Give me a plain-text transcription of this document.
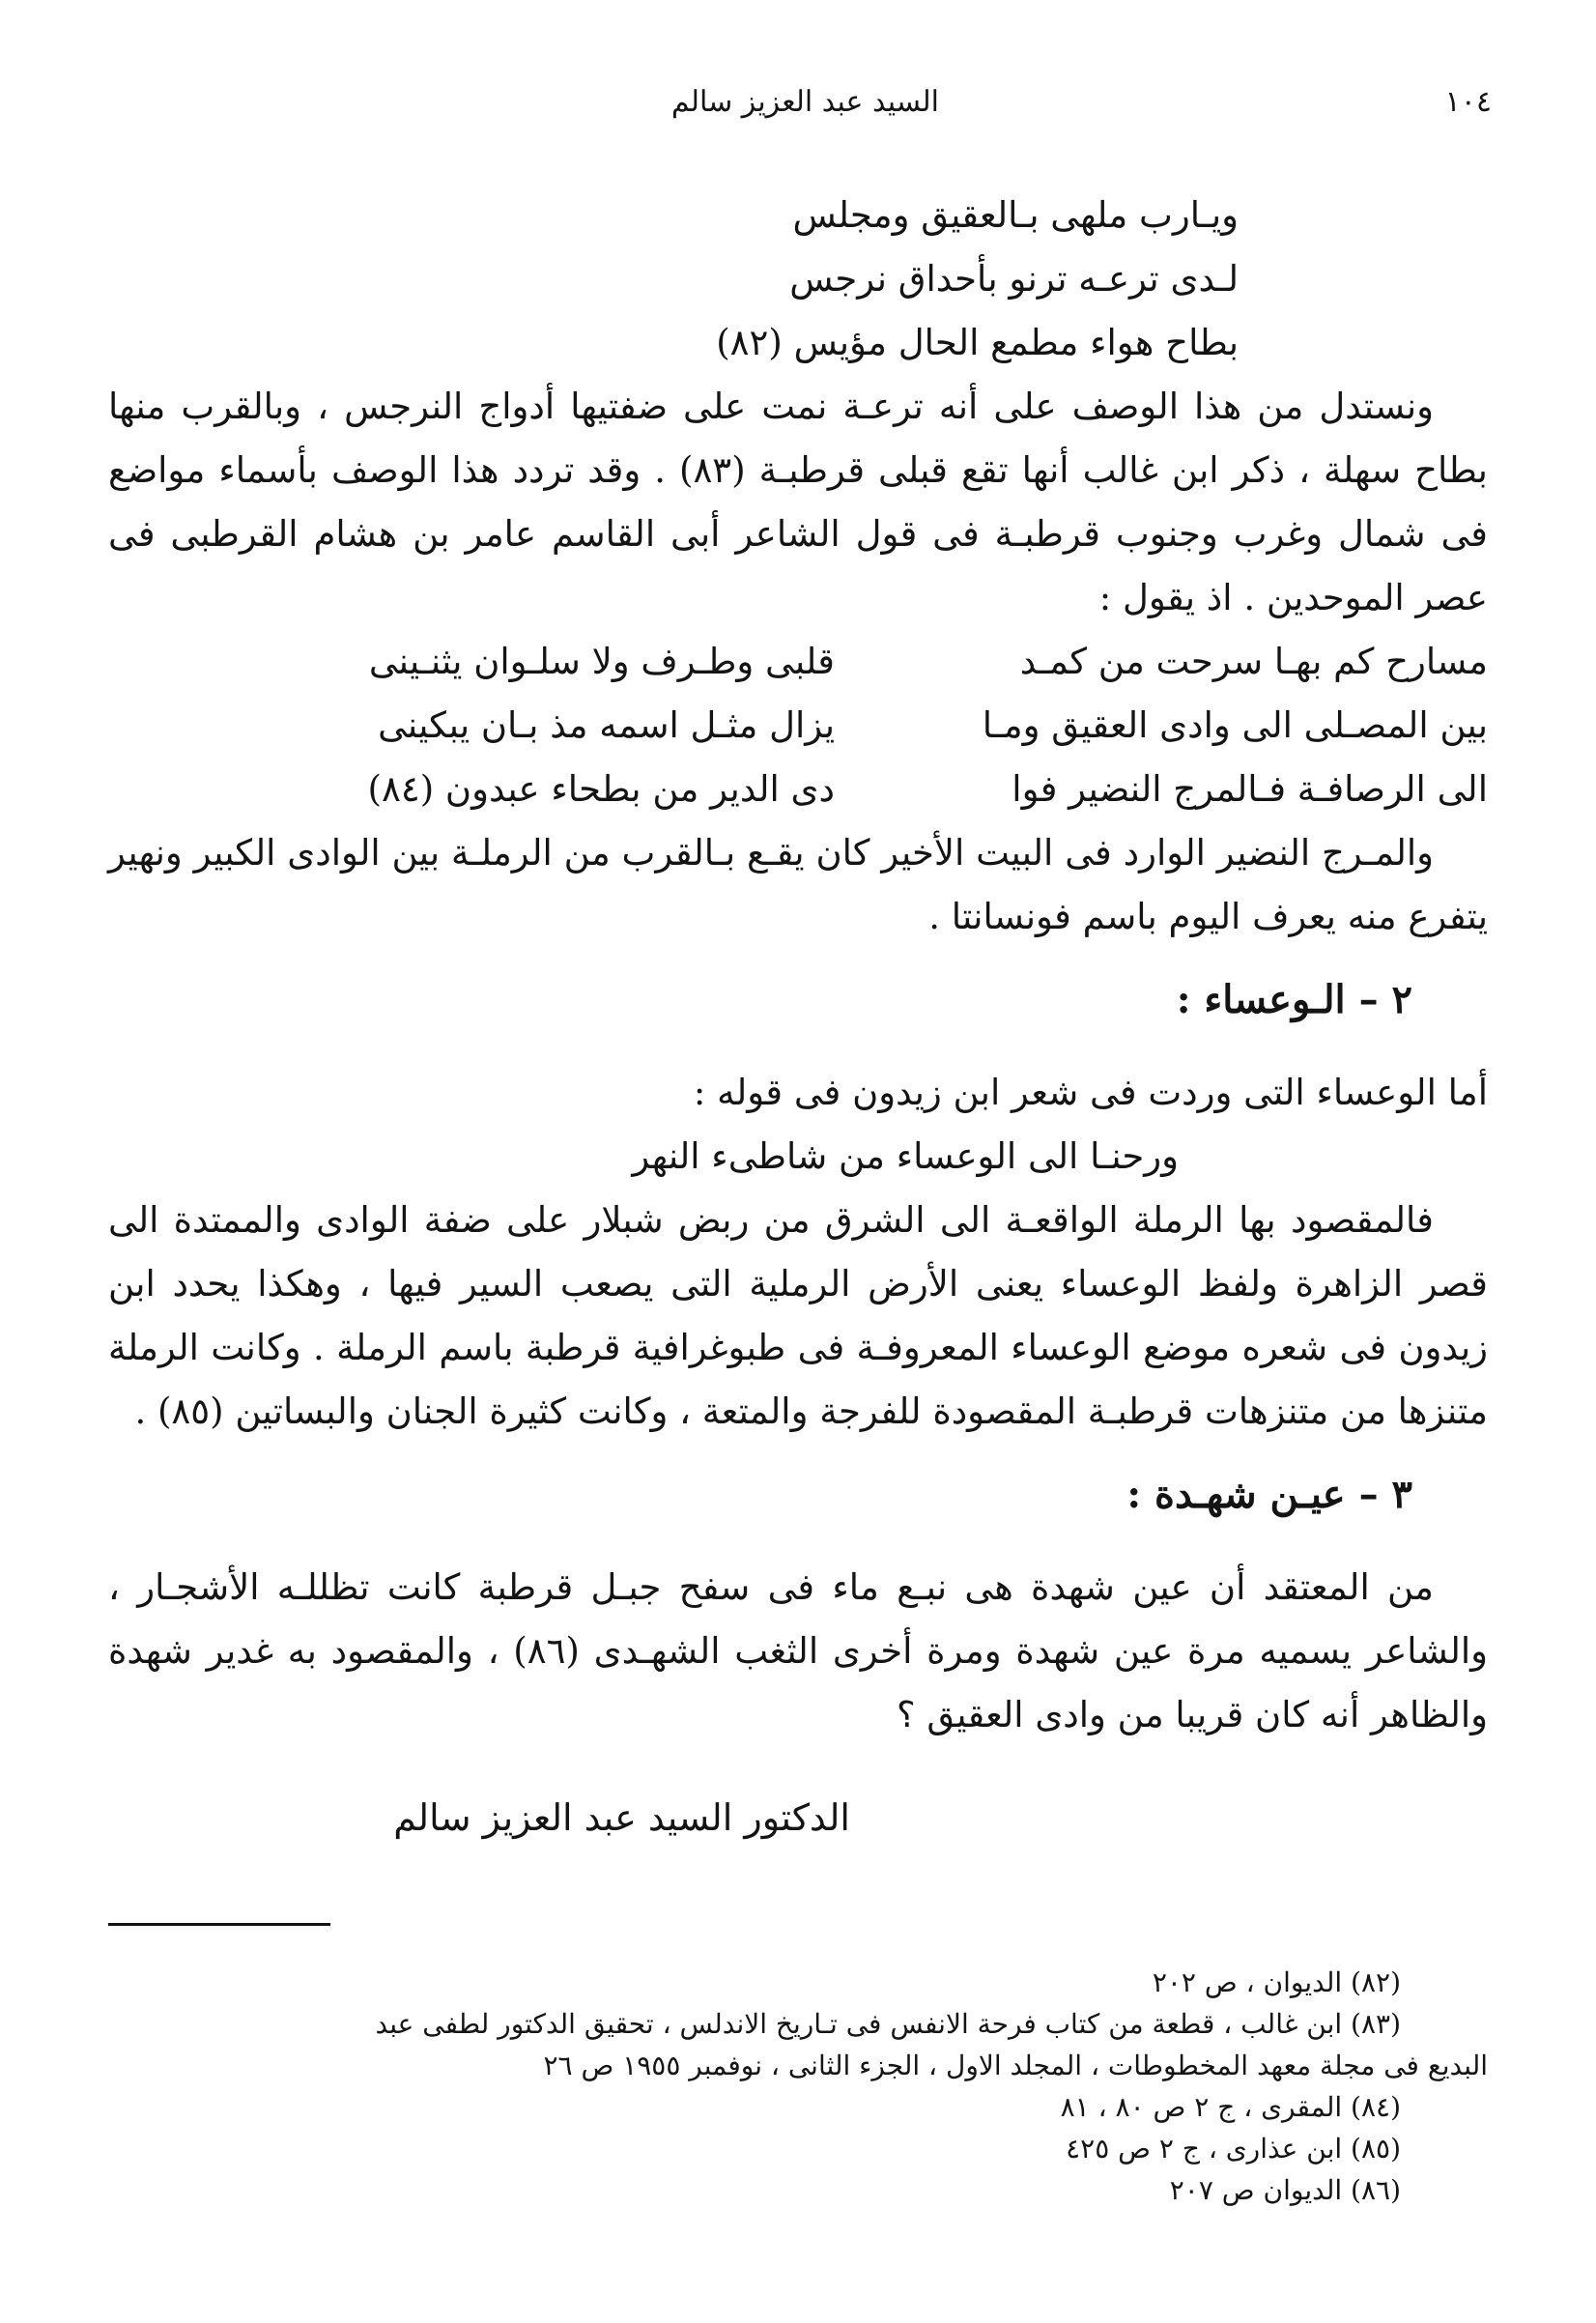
١٠٤
السيد عبد العزيز سالم

ويـارب ملهى بـالعقيق ومجلس

لـدى ترعـه ترنو بأحداق نرجس

بطاح هواء مطمع الحال مؤيس (٨٢)

ونستدل من هذا الوصف على أنه ترعـة نمت على ضفتيها أدواج النرجس ، وبالقرب منها بطاح سهلة ، ذكر ابن غالب أنها تقع قبلى قرطبـة (٨٣) . وقد تردد هذا الوصف بأسماء مواضع فى شمال وغرب وجنوب قرطبـة فى قول الشاعر أبى القاسم عامر بن هشام القرطبى فى عصر الموحدين . اذ يقول :

مسارح كم بهـا سرحت من كمـد
قلبى وطـرف ولا سلـوان يثنـينى
بين المصـلى الى وادى العقيق ومـا
يزال مثـل اسمه مذ بـان يبكينى
الى الرصافـة فـالمرج النضير فوا
دى الدير من بطحاء عبدون (٨٤)

والمـرج النضير الوارد فى البيت الأخير كان يقـع بـالقرب من الرملـة بين الوادى الكبير ونهير يتفرع منه يعرف اليوم باسم فونسانتا .

٢ – الـوعساء :

أما الوعساء التى وردت فى شعر ابن زيدون فى قوله :

ورحنـا الى الوعساء من شاطىء النهر

فالمقصود بها الرملة الواقعـة الى الشرق من ربض شبلار على ضفة الوادى والممتدة الى قصر الزاهرة ولفظ الوعساء يعنى الأرض الرملية التى يصعب السير فيها ، وهكذا يحدد ابن زيدون فى شعره موضع الوعساء المعروفـة فى طبوغرافية قرطبة باسم الرملة . وكانت الرملة متنزها من متنزهات قرطبـة المقصودة للفرجة والمتعة ، وكانت كثيرة الجنان والبساتين (٨٥) .

٣ – عيـن شهـدة :

من المعتقد أن عين شهدة هى نبـع ماء فى سفح جبـل قرطبة كانت تظللـه الأشجـار ، والشاعر يسميه مرة عين شهدة ومرة أخرى الثغب الشهـدى (٨٦) ، والمقصود به غدير شهدة والظاهر أنه كان قريبا من وادى العقيق ؟

الدكتور السيد عبد العزيز سالم

(٨٢) الديوان ، ص ٢٠٢

(٨٣) ابن غالب ، قطعة من كتاب فرحة الانفس فى تـاريخ الاندلس ، تحقيق الدكتور لطفى عبد

البديع فى مجلة معهد المخطوطات ، المجلد الاول ، الجزء الثانى ، نوفمبر ١٩٥٥ ص ٢٦

(٨٤) المقرى ، ج ٢ ص ٨٠ ، ٨١

(٨٥) ابن عذارى ، ج ٢ ص ٤٢٥

(٨٦) الديوان ص ٢٠٧
